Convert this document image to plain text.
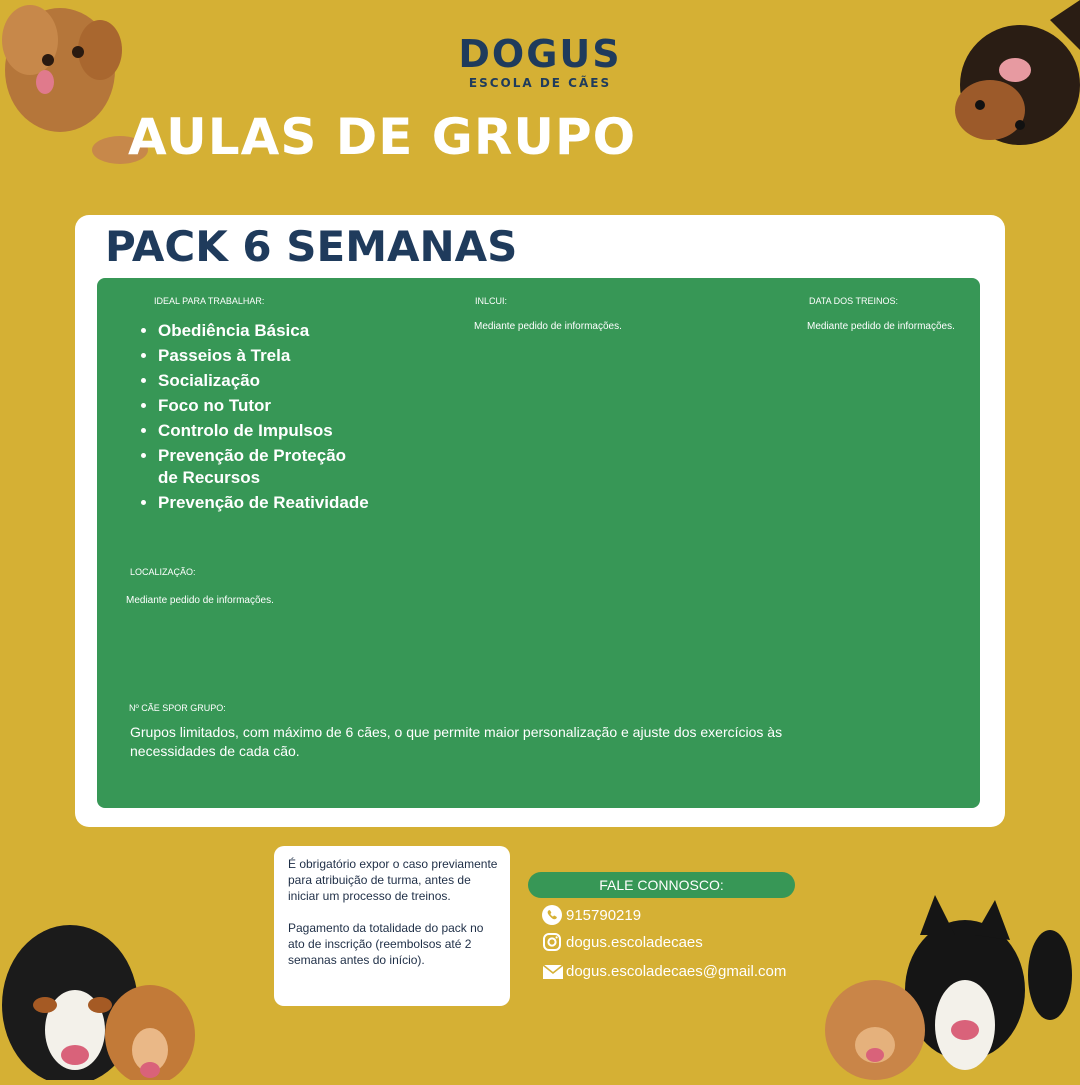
DOGUS
ESCOLA DE CÃES
AULAS DE GRUPO
PACK 6 SEMANAS
IDEAL PARA TRABALHAR:
• Obediência Básica
• Passeios à Trela
• Socialização
• Foco no Tutor
• Controlo de Impulsos
• Prevenção de Proteção de Recursos
• Prevenção de Reatividade
INLCUI:
Mediante pedido de informações.
DATA DOS TREINOS:
Mediante pedido de informações.
LOCALIZAÇÃO:
Mediante pedido de informações.
Nº CÃE SPOR GRUPO:
Grupos limitados, com máximo de 6 cães, o que permite maior personalização e ajuste dos exercícios às necessidades de cada cão.

É obrigatório expor o caso previamente para atribuição de turma, antes de iniciar um processo de treinos.

Pagamento da totalidade do pack no ato de inscrição (reembolsos até 2 semanas antes do início).

FALE CONNOSCO:
915790219
dogus.escoladecaes
dogus.escoladecaes@gmail.com
